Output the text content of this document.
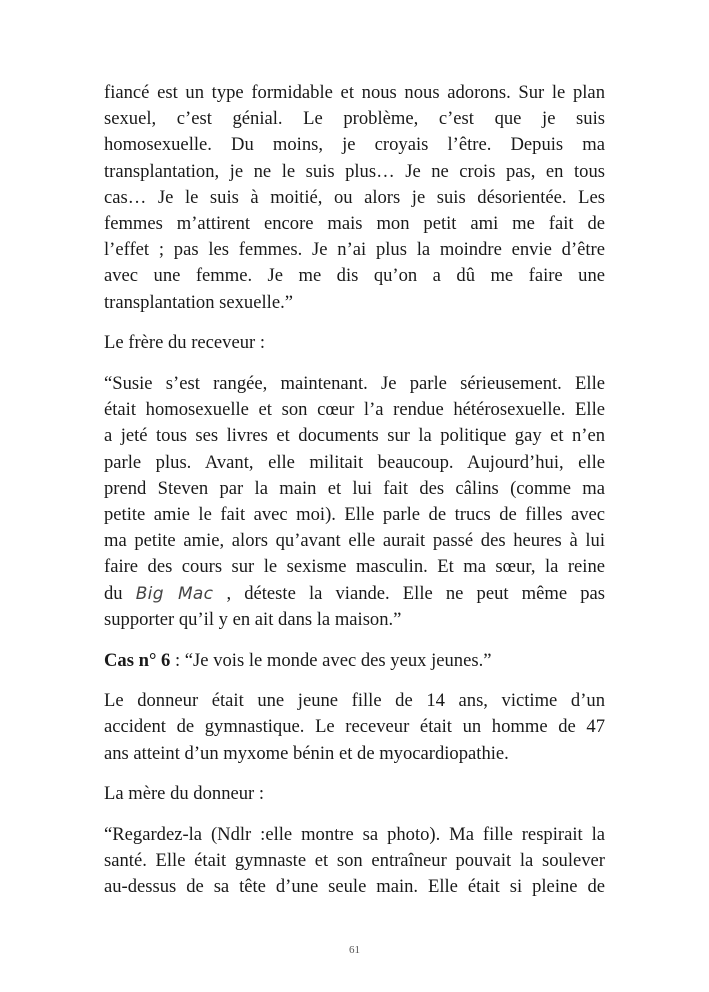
fiancé est un type formidable et nous nous adorons. Sur le plan
sexuel, c’est génial. Le problème, c’est que je suis
homosexuelle. Du moins, je croyais l’être. Depuis ma
transplantation, je ne le suis plus… Je ne crois pas, en tous
cas… Je le suis à moitié, ou alors je suis désorientée. Les
femmes m’attirent encore mais mon petit ami me fait de
l’effet ; pas les femmes. Je n’ai plus la moindre envie d’être
avec une femme. Je me dis qu’on a dû me faire une
transplantation sexuelle.”

Le frère du receveur :

“Susie s’est rangée, maintenant. Je parle sérieusement. Elle
était homosexuelle et son cœur l’a rendue hétérosexuelle. Elle
a jeté tous ses livres et documents sur la politique gay et n’en
parle plus. Avant, elle militait beaucoup. Aujourd’hui, elle
prend Steven par la main et lui fait des câlins (comme ma
petite amie le fait avec moi). Elle parle de trucs de filles avec
ma petite amie, alors qu’avant elle aurait passé des heures à lui
faire des cours sur le sexisme masculin. Et ma sœur, la reine
du Big Mac , déteste la viande. Elle ne peut même pas
supporter qu’il y en ait dans la maison.”

Cas n° 6 : “Je vois le monde avec des yeux jeunes.”

Le donneur était une jeune fille de 14 ans, victime d’un
accident de gymnastique. Le receveur était un homme de 47
ans atteint d’un myxome bénin et de myocardiopathie.

La mère du donneur :

“Regardez-la (Ndlr :elle montre sa photo). Ma fille respirait la
santé. Elle était gymnaste et son entraîneur pouvait la soulever
au-dessus de sa tête d’une seule main. Elle était si pleine de

61
